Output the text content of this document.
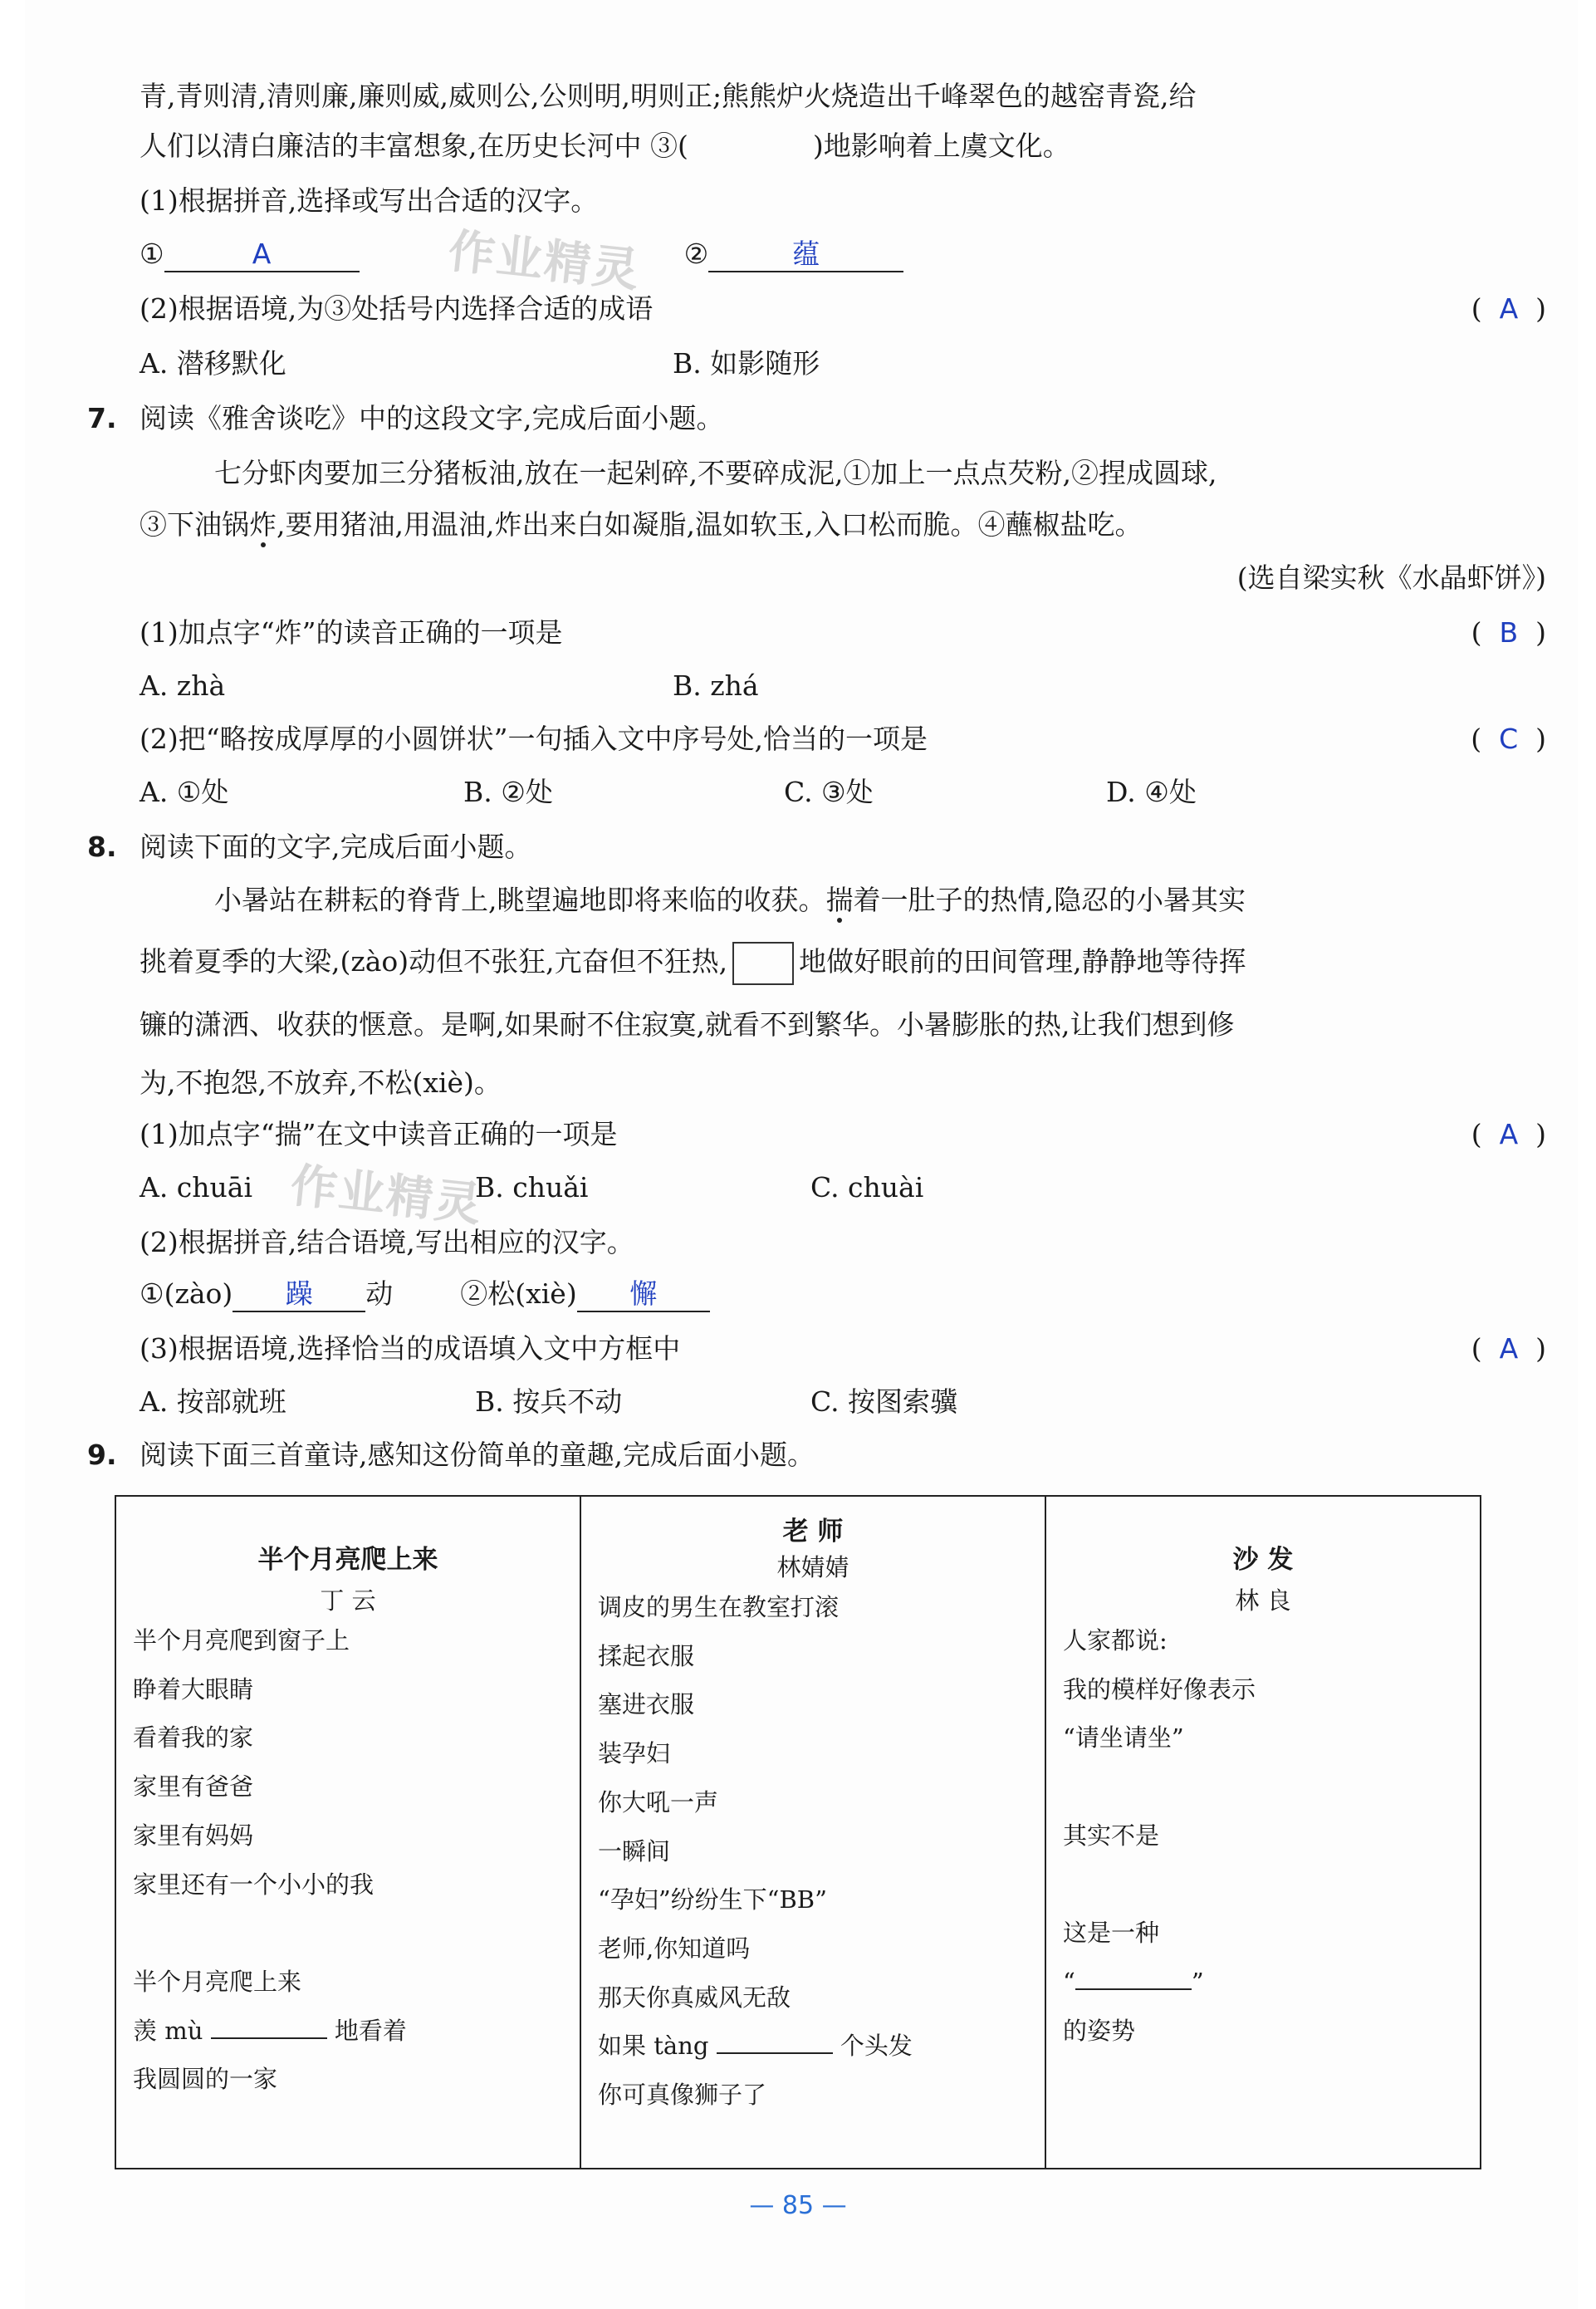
作业精灵
作业精灵
青,青则清,清则廉,廉则威,威则公,公则明,明则正;熊熊炉火烧造出千峰翠色的越窑青瓷,给
人们以清白廉洁的丰富想象,在历史长河中 ③(	)地影响着上虞文化。
(1)根据拼音,选择或写出合适的汉字。
①	A	②	蕴
(2)根据语境,为③处括号内选择合适的成语	(  A  )
A. 潜移默化	B. 如影随形
7. 阅读《雅舍谈吃》中的这段文字,完成后面小题。
七分虾肉要加三分猪板油,放在一起剁碎,不要碎成泥,①加上一点点芡粉,②捏成圆球,
③下油锅炸,要用猪油,用温油,炸出来白如凝脂,温如软玉,入口松而脆。④蘸椒盐吃。
(选自梁实秋《水晶虾饼》)
(1)加点字“炸”的读音正确的一项是	(  B  )
A. zhà	B. zhá
(2)把“略按成厚厚的小圆饼状”一句插入文中序号处,恰当的一项是	(  C  )
A. ①处	B. ②处	C. ③处	D. ④处
8. 阅读下面的文字,完成后面小题。
小暑站在耕耘的脊背上,眺望遍地即将来临的收获。揣着一肚子的热情,隐忍的小暑其实
挑着夏季的大梁,(zào)动但不张狂,亢奋但不狂热,	地做好眼前的田间管理,静静地等待挥
镰的潇洒、收获的惬意。是啊,如果耐不住寂寞,就看不到繁华。小暑膨胀的热,让我们想到修
为,不抱怨,不放弃,不松(xiè)。
(1)加点字“揣”在文中读音正确的一项是	(  A  )
A. chuāi	B. chuǎi	C. chuài
(2)根据拼音,结合语境,写出相应的汉字。
①(zào) 躁 动 ②松(xiè) 懈
(3)根据语境,选择恰当的成语填入文中方框中	(  A  )
A. 按部就班	B. 按兵不动	C. 按图索骥
9. 阅读下面三首童诗,感知这份简单的童趣,完成后面小题。
半个月亮爬上来
丁 云
半个月亮爬到窗子上
睁着大眼睛
看着我的家
家里有爸爸
家里有妈妈
家里还有一个小小的我

半个月亮爬上来
羡 mù	地看着
我圆圆的一家
老 师
林婧婧
调皮的男生在教室打滚
揉起衣服
塞进衣服
装孕妇
你大吼一声
一瞬间
“孕妇”纷纷生下“BB”
老师,你知道吗
那天你真威风无敌
如果 tàng	个头发
你可真像狮子了
沙 发
林 良
人家都说:
我的模样好像表示
“请坐请坐”

其实不是

这是一种
“	”
的姿势
— 85 —
